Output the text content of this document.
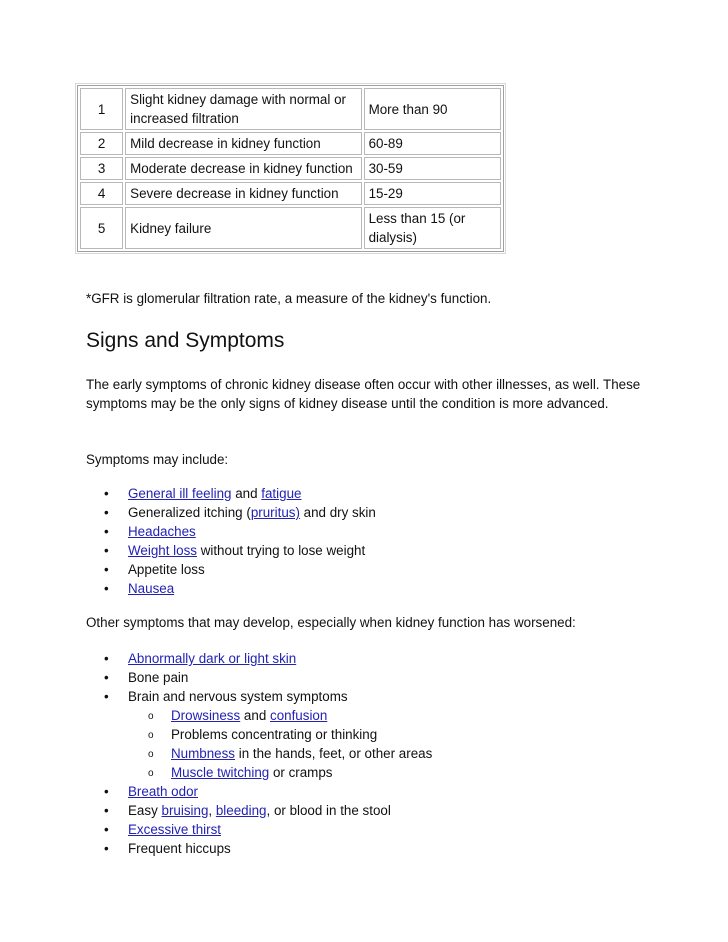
1	Slight kidney damage with normal or increased filtration	More than 90
2	Mild decrease in kidney function	60-89
3	Moderate decrease in kidney function	30-59
4	Severe decrease in kidney function	15-29
5	Kidney failure	Less than 15 (or dialysis)
*GFR is glomerular filtration rate, a measure of the kidney's function.
Signs and Symptoms

The early symptoms of chronic kidney disease often occur with other illnesses, as well. These symptoms may be the only signs of kidney disease until the condition is more advanced.

Symptoms may include:

• General ill feeling and fatigue
• Generalized itching (pruritus) and dry skin
• Headaches
• Weight loss without trying to lose weight
• Appetite loss
• Nausea

Other symptoms that may develop, especially when kidney function has worsened:

• Abnormally dark or light skin
• Bone pain
• Brain and nervous system symptoms
o Drowsiness and confusion
o Problems concentrating or thinking
o Numbness in the hands, feet, or other areas
o Muscle twitching or cramps
• Breath odor
• Easy bruising, bleeding, or blood in the stool
• Excessive thirst
• Frequent hiccups
